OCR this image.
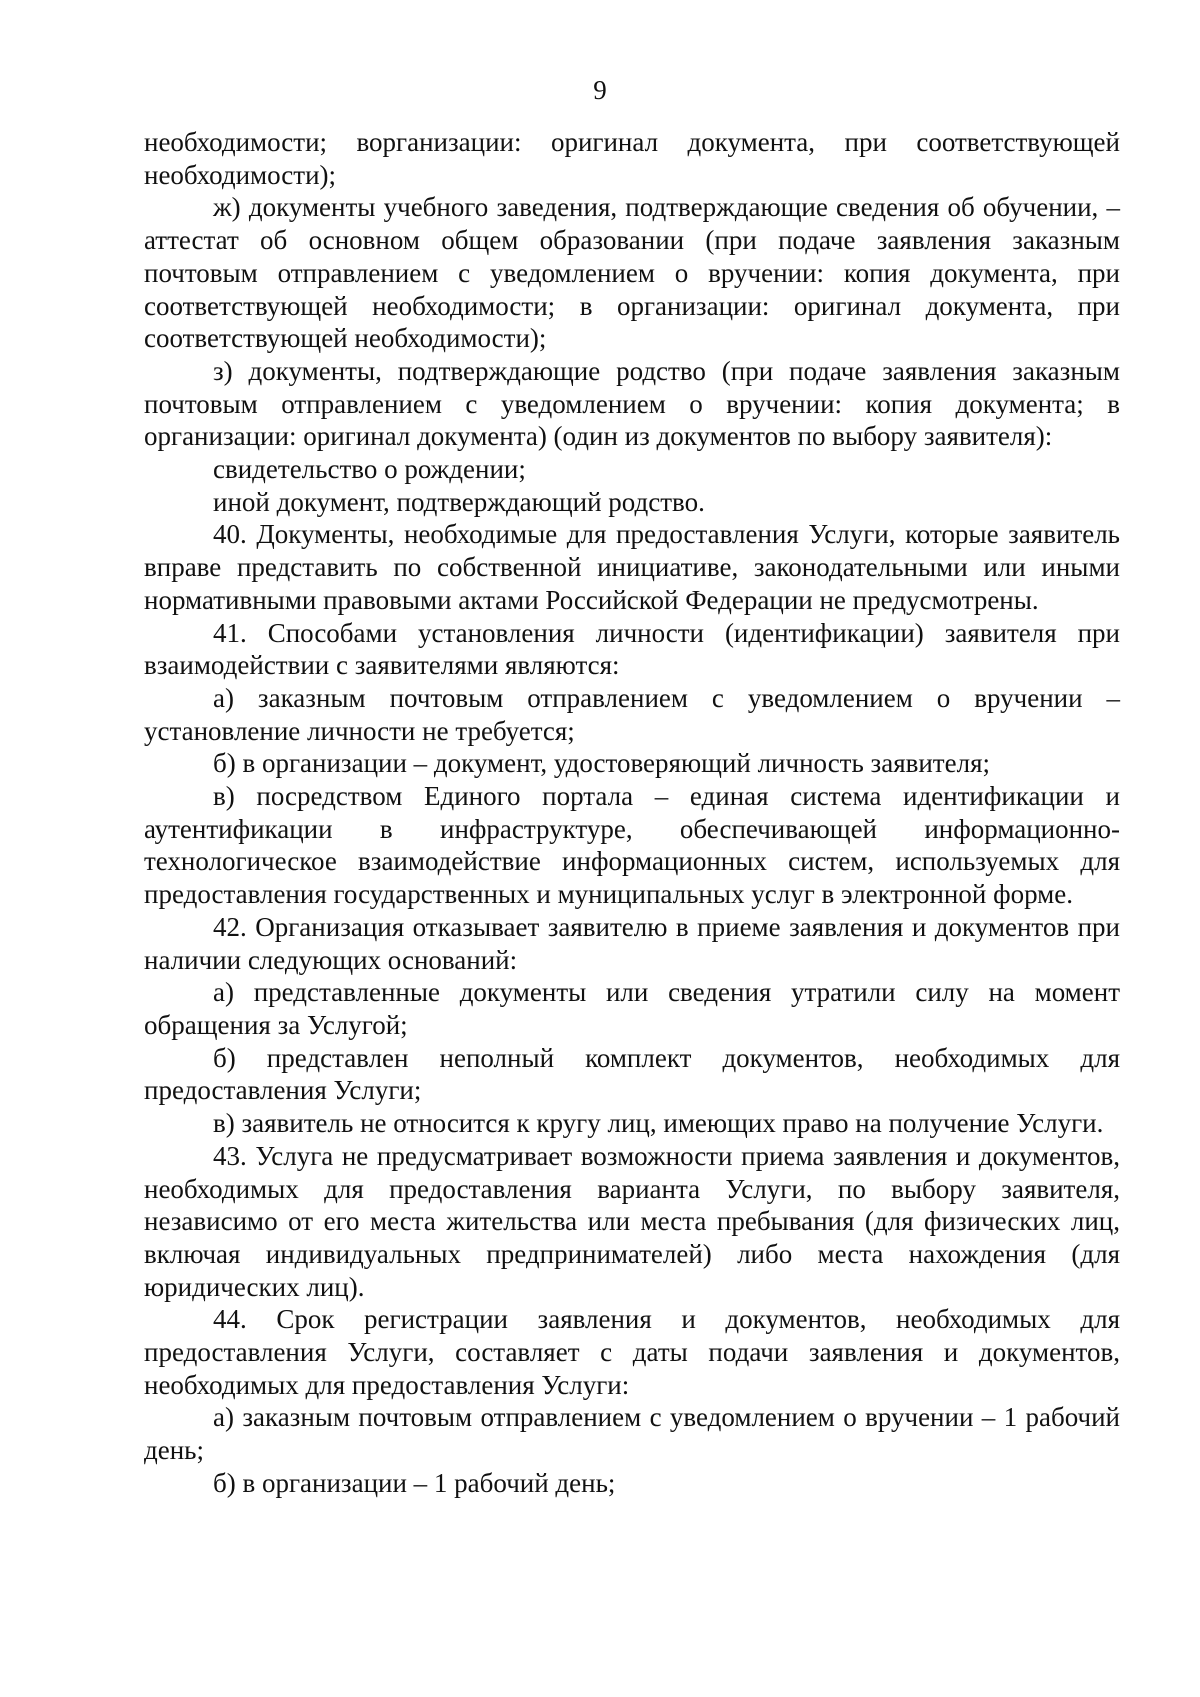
9

необходимости; воргaнизации: оригинал документа, при соответствующей необходимости);

ж) документы учебного заведения, подтверждающие сведения об обучении, – аттестат об основном общем образовании (при подаче заявления заказным почтовым отправлением с уведомлением о вручении: копия документа, при соответствующей необходимости; в организации: оригинал документа, при соответствующей необходимости);

з) документы, подтверждающие родство (при подаче заявления заказным почтовым отправлением с уведомлением о вручении: копия документа; в организации: оригинал документа) (один из документов по выбору заявителя):

свидетельство о рождении;

иной документ, подтверждающий родство.

40. Документы, необходимые для предоставления Услуги, которые заявитель вправе представить по собственной инициативе, законодательными или иными нормативными правовыми актами Российской Федерации не предусмотрены.

41. Способами установления личности (идентификации) заявителя при взаимодействии с заявителями являются:

а) заказным почтовым отправлением с уведомлением о вручении – установление личности не требуется;

б) в организации – документ, удостоверяющий личность заявителя;

в) посредством Единого портала – единая система идентификации и аутентификации в инфраструктуре, обеспечивающей информационно-технологическое взаимодействие информационных систем, используемых для предоставления государственных и муниципальных услуг в электронной форме.

42. Организация отказывает заявителю в приеме заявления и документов при наличии следующих оснований:

а) представленные документы или сведения утратили силу на момент обращения за Услугой;

б) представлен неполный комплект документов, необходимых для предоставления Услуги;

в) заявитель не относится к кругу лиц, имеющих право на получение Услуги.

43. Услуга не предусматривает возможности приема заявления и документов, необходимых для предоставления варианта Услуги, по выбору заявителя, независимо от его места жительства или места пребывания (для физических лиц, включая индивидуальных предпринимателей) либо места нахождения (для юридических лиц).

44. Срок регистрации заявления и документов, необходимых для предоставления Услуги, составляет с даты подачи заявления и документов, необходимых для предоставления Услуги:

а) заказным почтовым отправлением с уведомлением о вручении – 1 рабочий день;

б) в организации – 1 рабочий день;
